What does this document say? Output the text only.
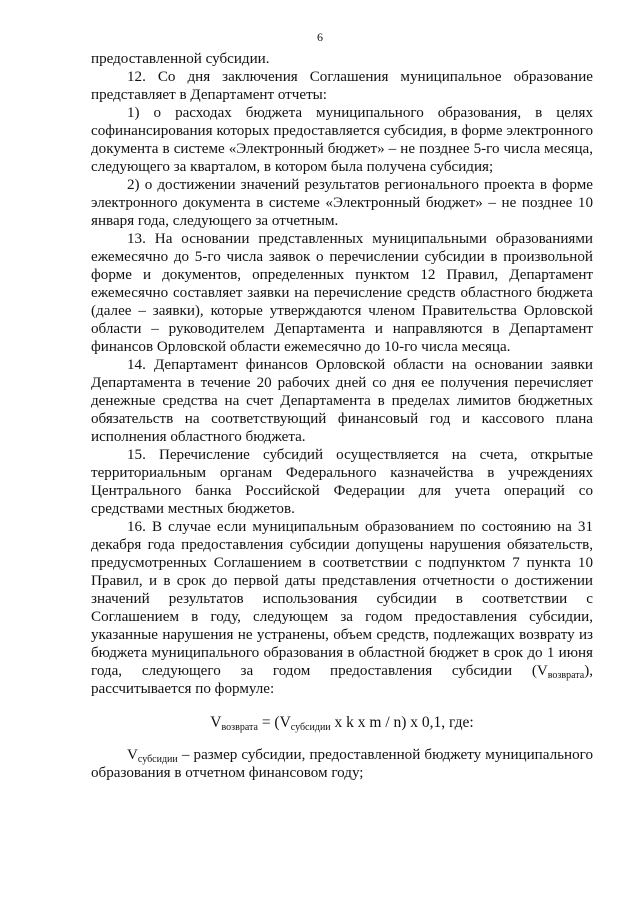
6

предоставленной субсидии.

12. Со дня заключения Соглашения муниципальное образование представляет в Департамент отчеты:

1) о расходах бюджета муниципального образования, в целях софинансирования которых предоставляется субсидия, в форме электронного документа в системе «Электронный бюджет» – не позднее 5-го числа месяца, следующего за кварталом, в котором была получена субсидия;

2) о достижении значений результатов регионального проекта в форме электронного документа в системе «Электронный бюджет» – не позднее 10 января года, следующего за отчетным.

13. На основании представленных муниципальными образованиями ежемесячно до 5-го числа заявок о перечислении субсидии в произвольной форме и документов, определенных пунктом 12 Правил, Департамент ежемесячно составляет заявки на перечисление средств областного бюджета (далее – заявки), которые утверждаются членом Правительства Орловской области – руководителем Департамента и направляются в Департамент финансов Орловской области ежемесячно до 10-го числа месяца.

14. Департамент финансов Орловской области на основании заявки Департамента в течение 20 рабочих дней со дня ее получения перечисляет денежные средства на счет Департамента в пределах лимитов бюджетных обязательств на соответствующий финансовый год и кассового плана исполнения областного бюджета.

15. Перечисление субсидий осуществляется на счета, открытые территориальным органам Федерального казначейства в учреждениях Центрального банка Российской Федерации для учета операций со средствами местных бюджетов.

16. В случае если муниципальным образованием по состоянию на 31 декабря года предоставления субсидии допущены нарушения обязательств, предусмотренных Соглашением в соответствии с подпунктом 7 пункта 10 Правил, и в срок до первой даты представления отчетности о достижении значений результатов использования субсидии в соответствии с Соглашением в году, следующем за годом предоставления субсидии, указанные нарушения не устранены, объем средств, подлежащих возврату из бюджета муниципального образования в областной бюджет в срок до 1 июня года, следующего за годом предоставления субсидии $(V_{возврата})$, рассчитывается по формуле:

$V_{возврата} = (V_{субсидии}$ x k x m / n) x 0,1, где:

$V_{субсидии}$ – размер субсидии, предоставленной бюджету муниципального образования в отчетном финансовом году;
